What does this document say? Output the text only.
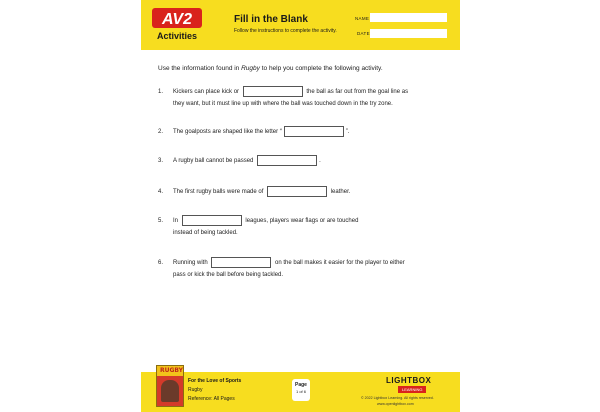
AV2
Activities
Fill in the Blank
Follow the instructions to complete the activity.
NAME
DATE
Use the information found in Rugby to help you complete the following activity.
1. Kickers can place kick or	the ball as far out from the goal line as
they want, but it must line up with where the ball was touched down in the try zone.
2. The goalposts are shaped like the letter “	”.
3. A rugby ball cannot be passed	.
4. The first rugby balls were made of	leather.
5. In	leagues, players wear flags or are touched
instead of being tackled.
6. Running with	on the ball makes it easier for the player to either
pass or kick the ball before being tackled.
RUGBY
For the Love of Sports
Rugby
Reference: All Pages
Page
1 of 6
LIGHTBOX
LEARNING
© 2022 Lightbox Learning. All rights reserved.
www.openlightbox.com
